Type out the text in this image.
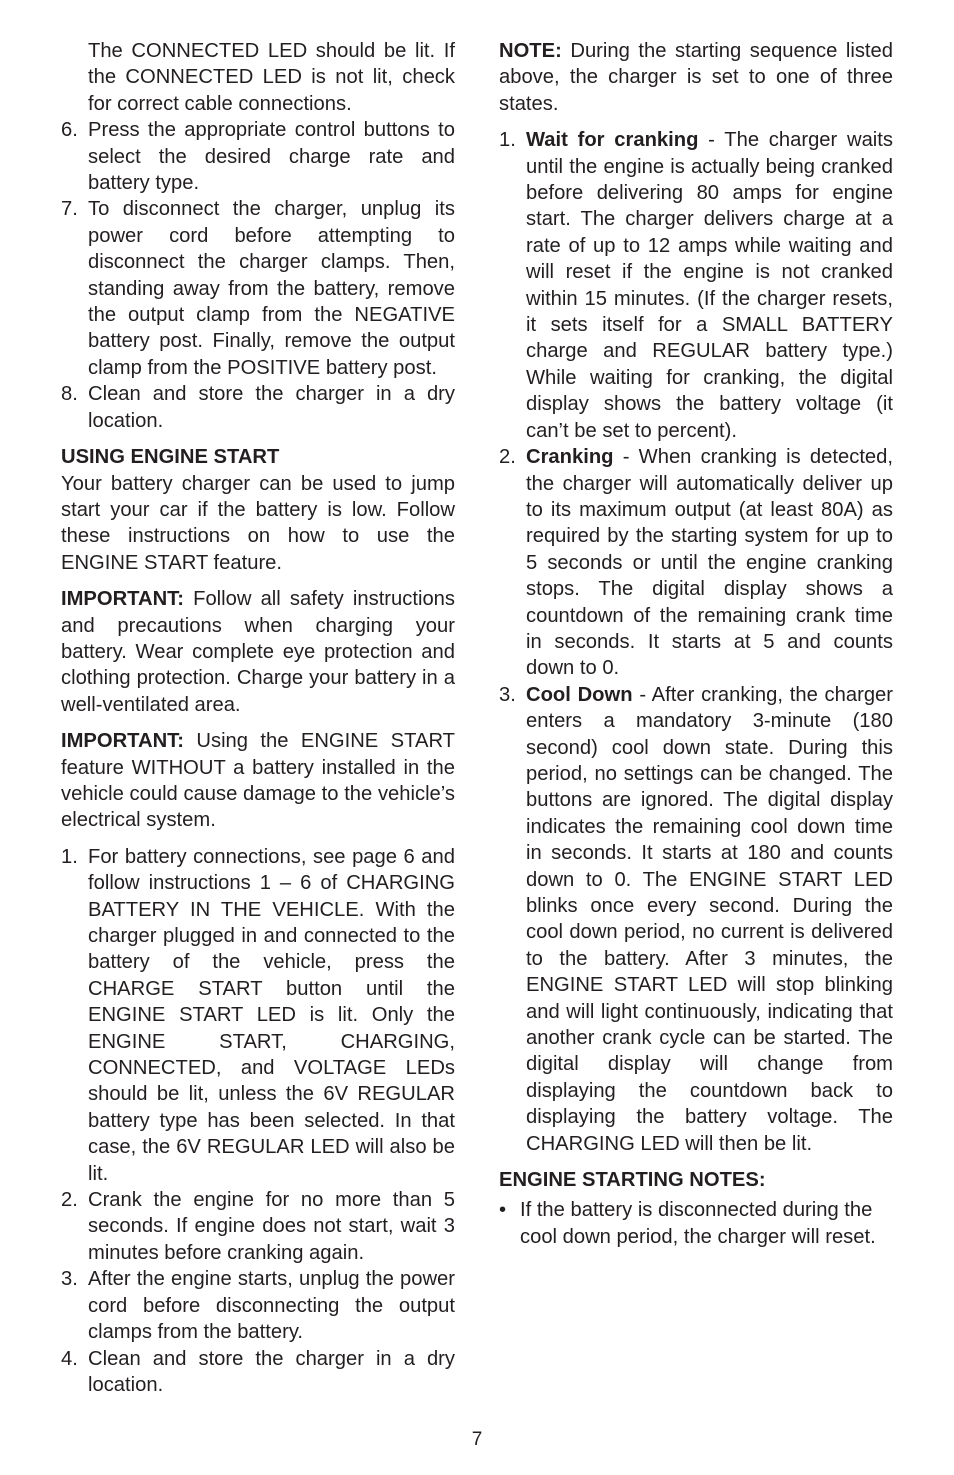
The CONNECTED LED should be lit. If the CONNECTED LED is not lit, check for correct cable connections.

6. Press the appropriate control buttons to select the desired charge rate and battery type.
7. To disconnect the charger, unplug its power cord before attempting to disconnect the charger clamps. Then, standing away from the battery, remove the output clamp from the NEGATIVE battery post. Finally, remove the output clamp from the POSITIVE battery post.
8. Clean and store the charger in a dry location.
USING ENGINE START

Your battery charger can be used to jump start your car if the battery is low. Follow these instructions on how to use the ENGINE START feature.

IMPORTANT: Follow all safety instructions and precautions when charging your battery. Wear complete eye protection and clothing protection. Charge your battery in a well-ventilated area.

IMPORTANT: Using the ENGINE START feature WITHOUT a battery installed in the vehicle could cause damage to the vehicle’s electrical system.

1. For battery connections, see page 6 and follow instructions 1 – 6 of CHARGING BATTERY IN THE VEHICLE. With the charger plugged in and connected to the battery of the vehicle, press the CHARGE START button until the ENGINE START LED is lit. Only the ENGINE START, CHARGING, CONNECTED, and VOLTAGE LEDs should be lit, unless the 6V REGULAR battery type has been selected. In that case, the 6V REGULAR LED will also be lit.
2. Crank the engine for no more than 5 seconds. If engine does not start, wait 3 minutes before cranking again.
3. After the engine starts, unplug the power cord before disconnecting the output clamps from the battery.
4. Clean and store the charger in a dry location.

NOTE: During the starting sequence listed above, the charger is set to one of three states.

1. Wait for cranking - The charger waits until the engine is actually being cranked before delivering 80 amps for engine start. The charger delivers charge at a rate of up to 12 amps while waiting and will reset if the engine is not cranked within 15 minutes. (If the charger resets, it sets itself for a SMALL BATTERY charge and REGULAR battery type.) While waiting for cranking, the digital display shows the battery voltage (it can’t be set to percent).
2. Cranking - When cranking is detected, the charger will automatically deliver up to its maximum output (at least 80A) as required by the starting system for up to 5 seconds or until the engine cranking stops. The digital display shows a countdown of the remaining crank time in seconds. It starts at 5 and counts down to 0.
3. Cool Down - After cranking, the charger enters a mandatory 3-minute (180 second) cool down state. During this period, no settings can be changed. The buttons are ignored. The digital display indicates the remaining cool down time in seconds. It starts at 180 and counts down to 0. The ENGINE START LED blinks once every second. During the cool down period, no current is delivered to the battery. After 3 minutes, the ENGINE START LED will stop blinking and will light continuously, indicating that another crank cycle can be started. The digital display will change from displaying the countdown back to displaying the battery voltage. The CHARGING LED will then be lit.
ENGINE STARTING NOTES:
• If the battery is disconnected during the cool down period, the charger will reset.
7
